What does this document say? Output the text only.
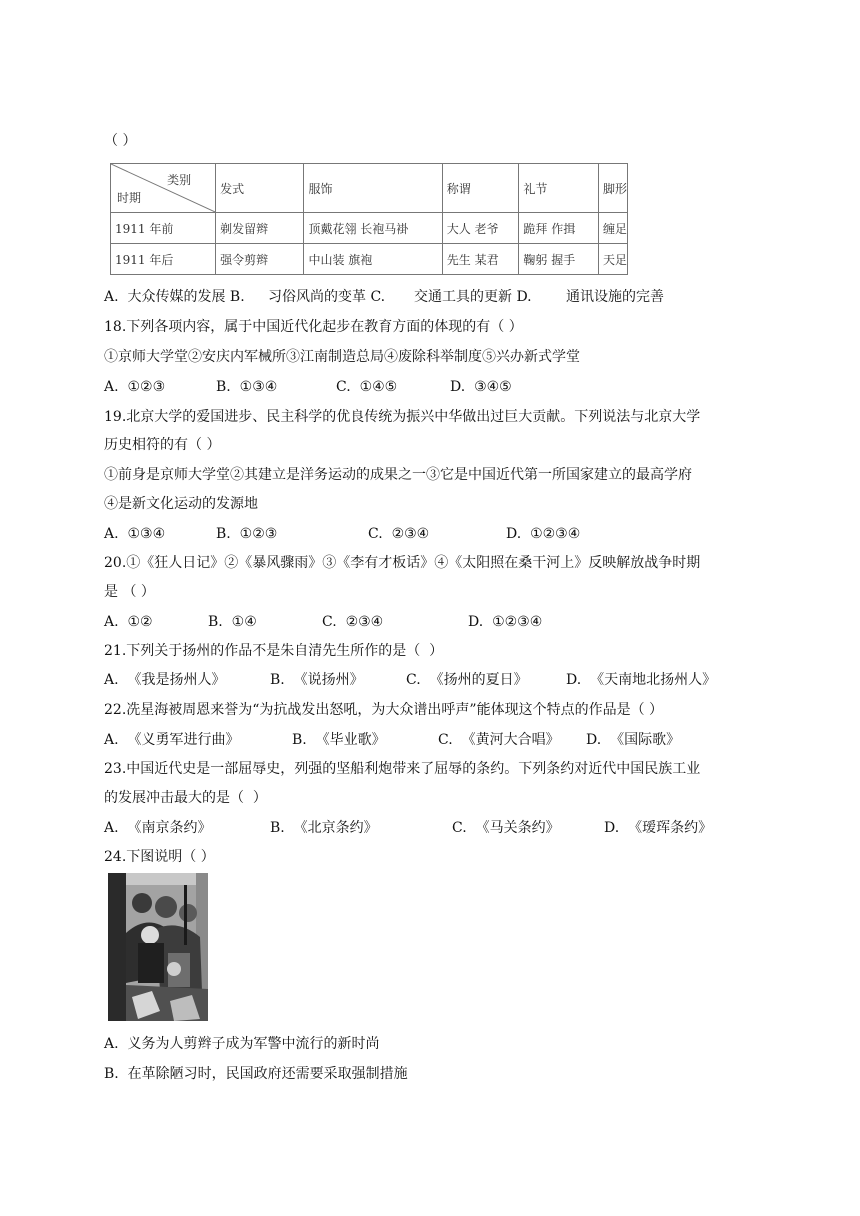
（ ）
类别
时期	发式	服饰	称谓	礼节	脚形
1911 年前	剃发留辫	顶戴花翎 长袍马褂	大人 老爷	跪拜 作揖	缠足
1911 年后	强令剪辫	中山装 旗袍	先生 某君	鞠躬 握手	天足
A.  大众传媒的发展 B. 习俗风尚的变革 C. 交通工具的更新 D. 通讯设施的完善
18.下列各项内容，属于中国近代化起步在教育方面的体现的有（ ）
①京师大学堂②安庆内军械所③江南制造总局④废除科举制度⑤兴办新式学堂
A.  ①②③	B.  ①③④	C.  ①④⑤	D.  ③④⑤
19.北京大学的爱国进步、民主科学的优良传统为振兴中华做出过巨大贡献。下列说法与北京大学
历史相符的有（ ）
①前身是京师大学堂②其建立是洋务运动的成果之一③它是中国近代第一所国家建立的最高学府
④是新文化运动的发源地
A.  ①③④	B.  ①②③	C.  ②③④	D.  ①②③④
20.①《狂人日记》②《暴风骤雨》③《李有才板话》④《太阳照在桑干河上》反映解放战争时期
是 （ ）
A.  ①②	B.  ①④	C.  ②③④	D.  ①②③④
21.下列关于扬州的作品不是朱自清先生所作的是（  ）
A.  《我是扬州人》	B.  《说扬州》	C.  《扬州的夏日》	D.  《天南地北扬州人》
22.冼星海被周恩来誉为“为抗战发出怒吼，为大众谱出呼声”能体现这个特点的作品是（ ）
A.  《义勇军进行曲》	B.  《毕业歌》	C.  《黄河大合唱》 D.  《国际歌》
23.中国近代史是一部屈辱史，列强的坚船利炮带来了屈辱的条约。下列条约对近代中国民族工业
的发展冲击最大的是（  ）
A.  《南京条约》	B.  《北京条约》	C.  《马关条约》	D.  《瑷珲条约》
24.下图说明（ ）
A.  义务为人剪辫子成为军警中流行的新时尚
B.  在革除陋习时，民国政府还需要采取强制措施
